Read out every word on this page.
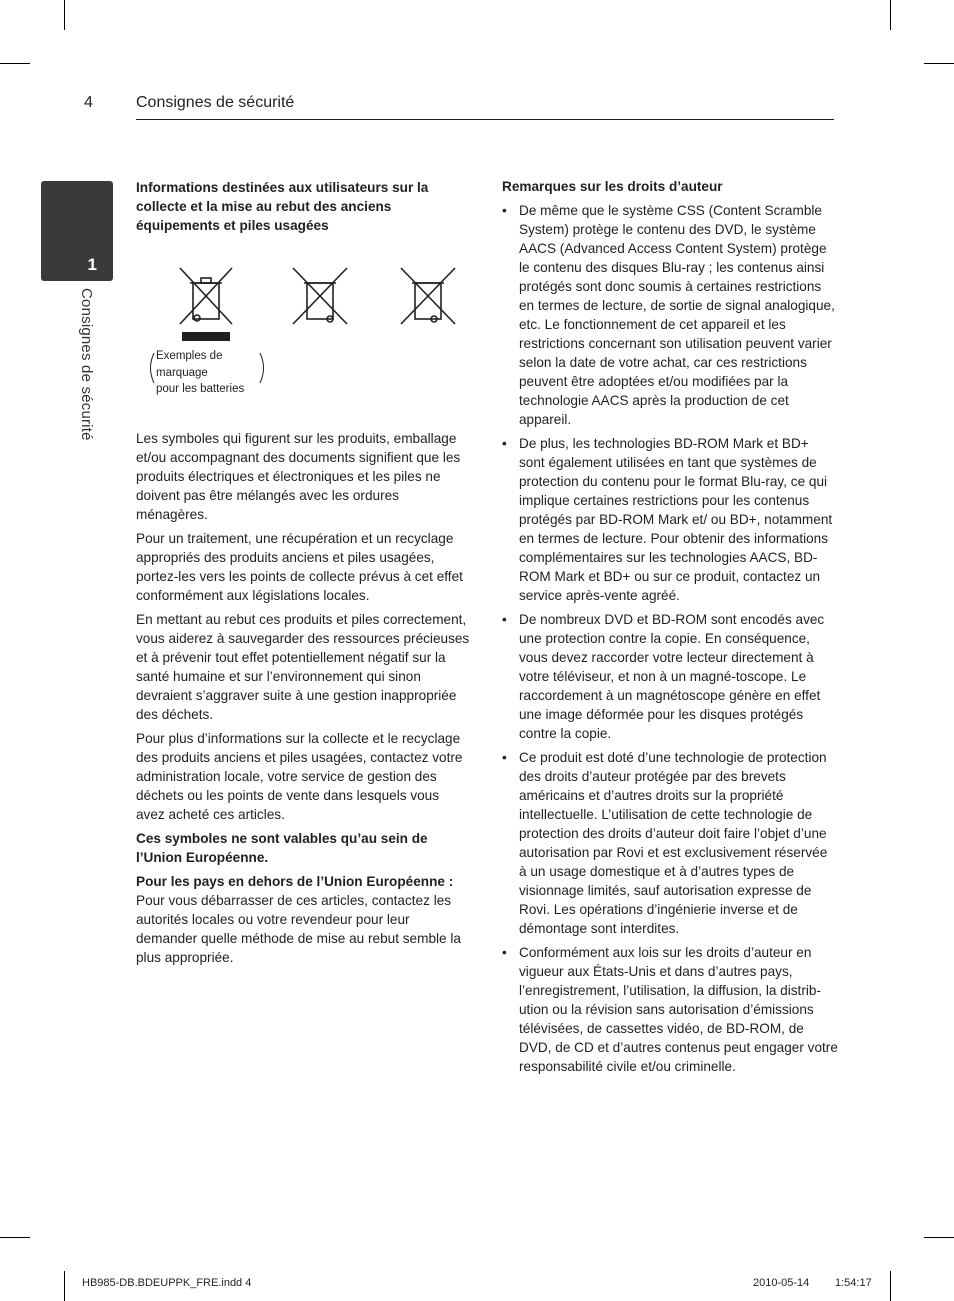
4	Consignes de sécurité
1
Consignes de sécurité
Informations destinées aux utilisateurs sur la collecte et la mise au rebut des anciens équipements et piles usagées
Exemples de
marquage
pour les batteries

Les symboles qui figurent sur les produits, emballage et/ou accompagnant des documents signifient que les produits électriques et électroniques et les piles ne doivent pas être mélangés avec les ordures ménagères.

Pour un traitement, une récupération et un recyclage appropriés des produits anciens et piles usagées, portez-les vers les points de collecte prévus à cet effet conformément aux législations locales.

En mettant au rebut ces produits et piles correctement, vous aiderez à sauvegarder des ressources précieuses et à prévenir tout effet potentiellement négatif sur la santé humaine et sur l’environnement qui sinon devraient s’aggraver suite à une gestion inappropriée des déchets.

Pour plus d’informations sur la collecte et le recyclage des produits anciens et piles usagées, contactez votre administration locale, votre service de gestion des déchets ou les points de vente dans lesquels vous avez acheté ces articles.

Ces symboles ne sont valables qu’au sein de l’Union Européenne.

Pour les pays en dehors de l’Union Européenne :
Pour vous débarrasser de ces articles, contactez les autorités locales ou votre revendeur pour leur demander quelle méthode de mise au rebut semble la plus appropriée.
Remarques sur les droits d’auteur
• De même que le système CSS (Content Scramble System) protège le contenu des DVD, le système AACS (Advanced Access Content System) protège le contenu des disques Blu-ray ; les contenus ainsi protégés sont donc soumis à certaines restrictions en termes de lecture, de sortie de signal analogique, etc. Le fonctionnement de cet appareil et les restrictions concernant son utilisation peuvent varier selon la date de votre achat, car ces restrictions peuvent être adoptées et/ou modifiées par la technologie AACS après la production de cet appareil.
• De plus, les technologies BD-ROM Mark et BD+ sont également utilisées en tant que systèmes de protection du contenu pour le format Blu-ray, ce qui implique certaines restrictions pour les contenus protégés par BD-ROM Mark et/ ou BD+, notamment en termes de lecture. Pour obtenir des informations complémentaires sur les technologies AACS, BD-ROM Mark et BD+ ou sur ce produit, contactez un service après-vente agréé.
• De nombreux DVD et BD-ROM sont encodés avec une protection contre la copie. En conséquence, vous devez raccorder votre lecteur directement à votre téléviseur, et non à un magné-toscope. Le raccordement à un magnétoscope génère en effet une image déformée pour les disques protégés contre la copie.
• Ce produit est doté d’une technologie de protection des droits d’auteur protégée par des brevets américains et d’autres droits sur la propriété intellectuelle. L’utilisation de cette technologie de protection des droits d’auteur doit faire l’objet d’une autorisation par Rovi et est exclusivement réservée à un usage domestique et à d’autres types de visionnage limités, sauf autorisation expresse de Rovi. Les opérations d’ingénierie inverse et de démontage sont interdites.
• Conformément aux lois sur les droits d’auteur en vigueur aux États-Unis et dans d’autres pays, l’enregistrement, l’utilisation, la diffusion, la distrib-ution ou la révision sans autorisation d’émissions télévisées, de cassettes vidéo, de BD-ROM, de DVD, de CD et d’autres contenus peut engager votre responsabilité civile et/ou criminelle.
HB985-DB.BDEUPPK_FRE.indd 4	2010-05-14 1:54:17
